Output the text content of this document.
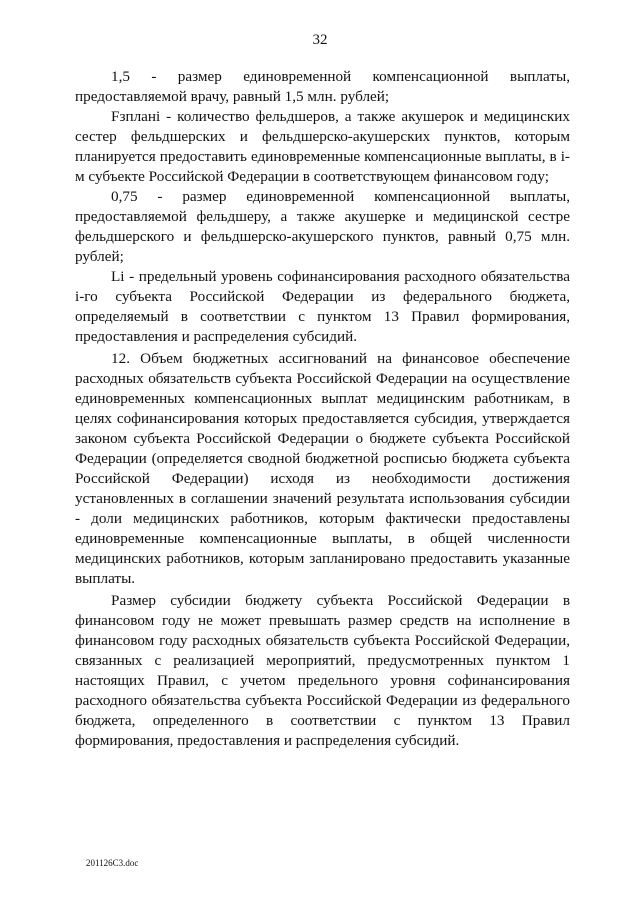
32

1,5 - размер единовременной компенсационной выплаты, предоставляемой врачу, равный 1,5 млн. рублей;

Fзпланi - количество фельдшеров, а также акушерок и медицинских сестер фельдшерских и фельдшерско-акушерских пунктов, которым планируется предоставить единовременные компенсационные выплаты, в i-м субъекте Российской Федерации в соответствующем финансовом году;

0,75 - размер единовременной компенсационной выплаты, предоставляемой фельдшеру, а также акушерке и медицинской сестре фельдшерского и фельдшерско-акушерского пунктов, равный 0,75 млн. рублей;

Li - предельный уровень софинансирования расходного обязательства i-го субъекта Российской Федерации из федерального бюджета, определяемый в соответствии с пунктом 13 Правил формирования, предоставления и распределения субсидий.

12. Объем бюджетных ассигнований на финансовое обеспечение расходных обязательств субъекта Российской Федерации на осуществление единовременных компенсационных выплат медицинским работникам, в целях софинансирования которых предоставляется субсидия, утверждается законом субъекта Российской Федерации о бюджете субъекта Российской Федерации (определяется сводной бюджетной росписью бюджета субъекта Российской Федерации) исходя из необходимости достижения установленных в соглашении значений результата использования субсидии - доли медицинских работников, которым фактически предоставлены единовременные компенсационные выплаты, в общей численности медицинских работников, которым запланировано предоставить указанные выплаты.

Размер субсидии бюджету субъекта Российской Федерации в финансовом году не может превышать размер средств на исполнение в финансовом году расходных обязательств субъекта Российской Федерации, связанных с реализацией мероприятий, предусмотренных пунктом 1 настоящих Правил, с учетом предельного уровня софинансирования расходного обязательства субъекта Российской Федерации из федерального бюджета, определенного в соответствии с пунктом 13 Правил формирования, предоставления и распределения субсидий.

201126C3.doc
